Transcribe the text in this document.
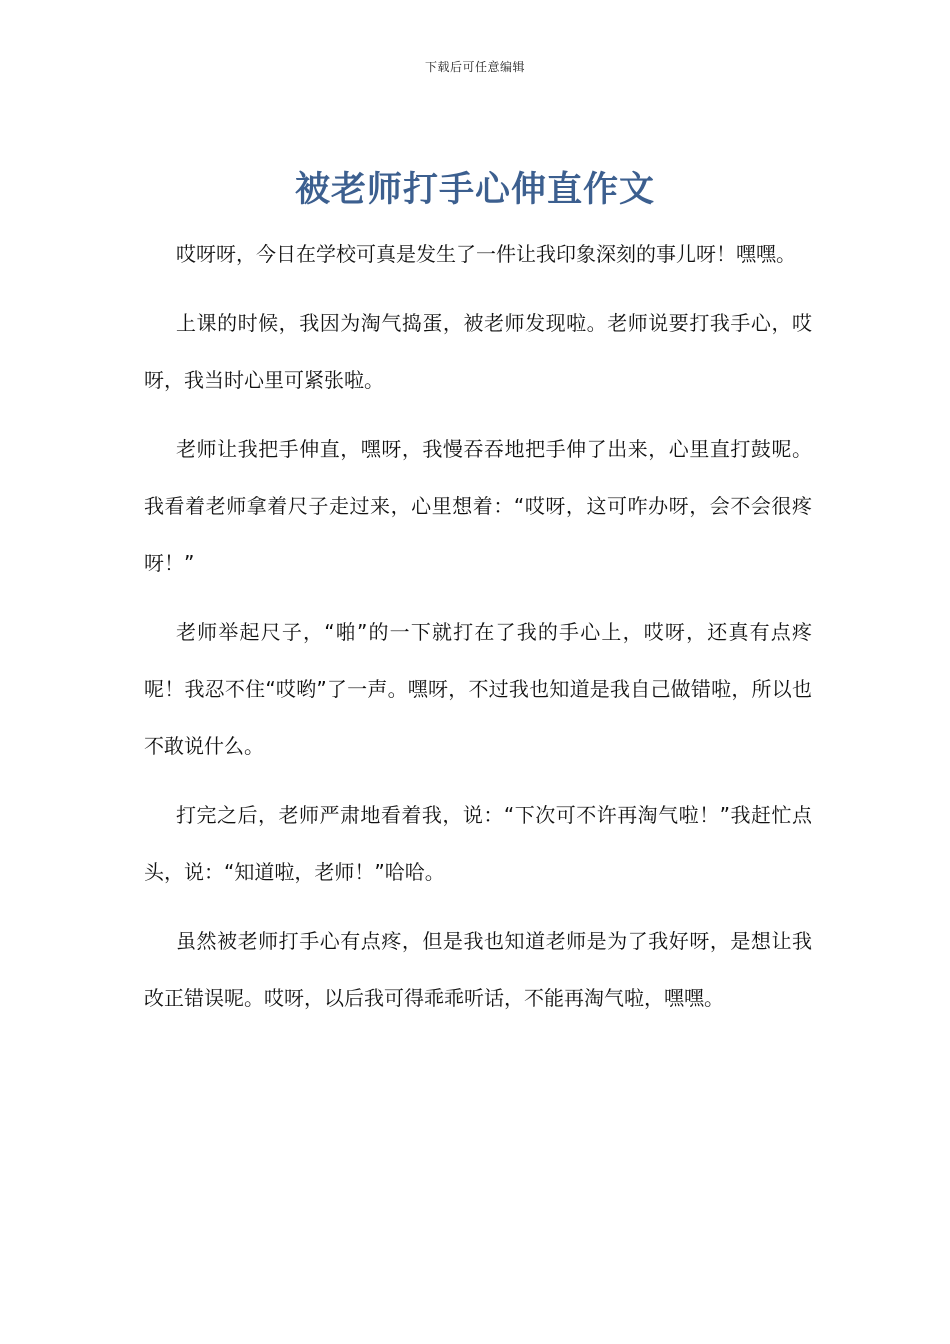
下载后可任意编辑
被老师打手心伸直作文

哎呀呀，今日在学校可真是发生了一件让我印象深刻的事儿呀！嘿嘿。

上课的时候，我因为淘气捣蛋，被老师发现啦。老师说要打我手心，哎呀，我当时心里可紧张啦。

老师让我把手伸直，嘿呀，我慢吞吞地把手伸了出来，心里直打鼓呢。我看着老师拿着尺子走过来，心里想着：“哎呀，这可咋办呀，会不会很疼呀！”

老师举起尺子，“啪”的一下就打在了我的手心上，哎呀，还真有点疼呢！我忍不住“哎哟”了一声。嘿呀，不过我也知道是我自己做错啦，所以也不敢说什么。

打完之后，老师严肃地看着我，说：“下次可不许再淘气啦！”我赶忙点头，说：“知道啦，老师！”哈哈。

虽然被老师打手心有点疼，但是我也知道老师是为了我好呀，是想让我改正错误呢。哎呀，以后我可得乖乖听话，不能再淘气啦，嘿嘿。
